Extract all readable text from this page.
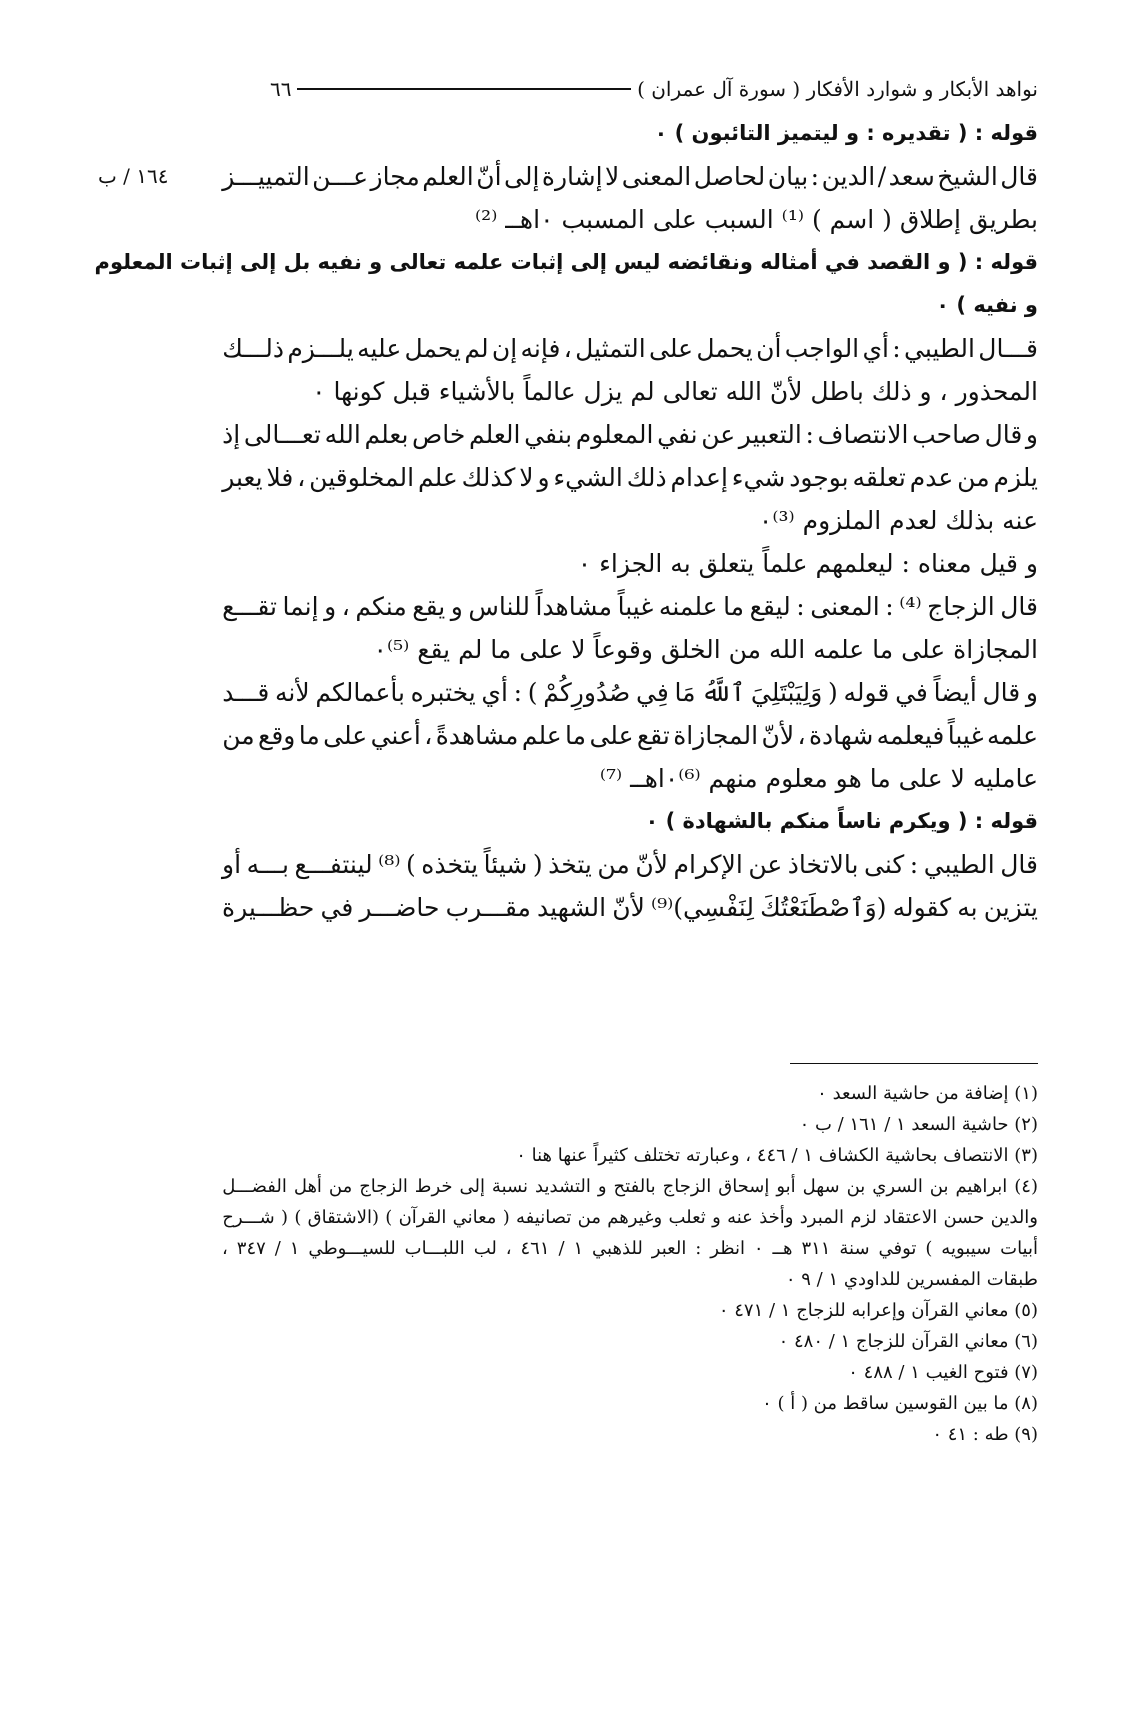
نواهد الأبكار و شوارد الأفكار ( سورة آل عمران )
٦٦
١٦٤ / ب
قوله : ( تقديره : و ليتميز التائبون ) ٠
قال
الشيخ
سعد
/
الدين
:
بيان
لحاصل
المعنى
لا
إشارة
إلى
أنّ
العلم
مجاز
عـــن
التمييـــز
بطريق إطلاق ( اسم ) ⁽¹⁾ السبب على المسبب ٠اهــ ⁽²⁾
قوله : ( و القصد في أمثاله ونقائضه ليس إلى إثبات علمه تعالى و نفيه بل إلى إثبات المعلوم
و نفيه ) ٠
قـــال
الطيبي
:
أي
الواجب
أن
يحمل
على
التمثيل
،
فإنه
إن
لم
يحمل
عليه
يلـــزم
ذلـــك
المحذور ، و ذلك باطل لأنّ الله تعالى لم يزل عالماً بالأشياء قبل كونها ٠
و
قال
صاحب
الانتصاف
:
التعبير
عن
نفي
المعلوم
بنفي
العلم
خاص
بعلم
الله
تعـــالى
إذ
يلزم
من
عدم
تعلقه
بوجود
شيء
إعدام
ذلك
الشيء
و
لا
كذلك
علم
المخلوقين
،
فلا
يعبر
عنه بذلك لعدم الملزوم ⁽³⁾٠
و قيل معناه : ليعلمهم علماً يتعلق به الجزاء ٠
قال
الزجاج
⁽⁴⁾
:
المعنى
:
ليقع
ما
علمنه
غيباً
مشاهداً
للناس
و
يقع
منكم
،
و
إنما
تقـــع
المجازاة على ما علمه الله من الخلق وقوعاً لا على ما لم يقع ⁽⁵⁾٠
و
قال
أيضاً
في
قوله
(
وَلِيَبْتَلِيَ
ٱللَّهُ
مَا
فِي
صُدُورِكُمْ
)
:
أي
يختبره
بأعمالكم
لأنه
قـــد
علمه
غيباً
فيعلمه
شهادة
،
لأنّ
المجازاة
تقع
على
ما
علم
مشاهدةً
،
أعني
على
ما
وقع
من
عامليه لا على ما هو معلوم منهم ⁽⁶⁾٠اهــ ⁽⁷⁾
قوله : ( ويكرم ناساً منكم بالشهادة ) ٠
قال
الطيبي
:
كنى
بالاتخاذ
عن
الإكرام
لأنّ
من
يتخذ
(
شيئاً
يتخذه
)
⁽⁸⁾
لينتفـــع
بـــه
أو
يتزين
به
كقوله
(وَٱصْطَنَعْتُكَ
لِنَفْسِي)⁽⁹⁾
لأنّ
الشهيد
مقـــرب
حاضـــر
في
حظـــيرة
(١) إضافة من حاشية السعد ٠
(٢) حاشية السعد ١ / ١٦١ / ب ٠
(٣) الانتصاف بحاشية الكشاف ١ / ٤٤٦ ، وعبارته تختلف كثيراً عنها هنا ٠
(٤)
ابراهيم
بن
السري
بن
سهل
أبو
إسحاق
الزجاج
بالفتح
و
التشديد
نسبة
إلى
خرط
الزجاج
من
أهل
الفضـــل
والدين
حسن
الاعتقاد
لزم
المبرد
وأخذ
عنه
و
ثعلب
وغيرهم
من
تصانيفه
(
معاني
القرآن
)
(الاشتقاق
)
(
شـــرح
أبيات
سيبويه
)
توفي
سنة
٣١١
هــ
٠
انظر
:
العبر
للذهبي
١
/
٤٦١
،
لب
اللبـــاب
للسيـــوطي
١
/
٣٤٧
،
طبقات المفسرين للداودي ١ / ٩ ٠
(٥) معاني القرآن وإعرابه للزجاج ١ / ٤٧١ ٠
(٦) معاني القرآن للزجاج ١ / ٤٨٠ ٠
(٧) فتوح الغيب ١ / ٤٨٨ ٠
(٨) ما بين القوسين ساقط من ( أ ) ٠
(٩) طه : ٤١ ٠
